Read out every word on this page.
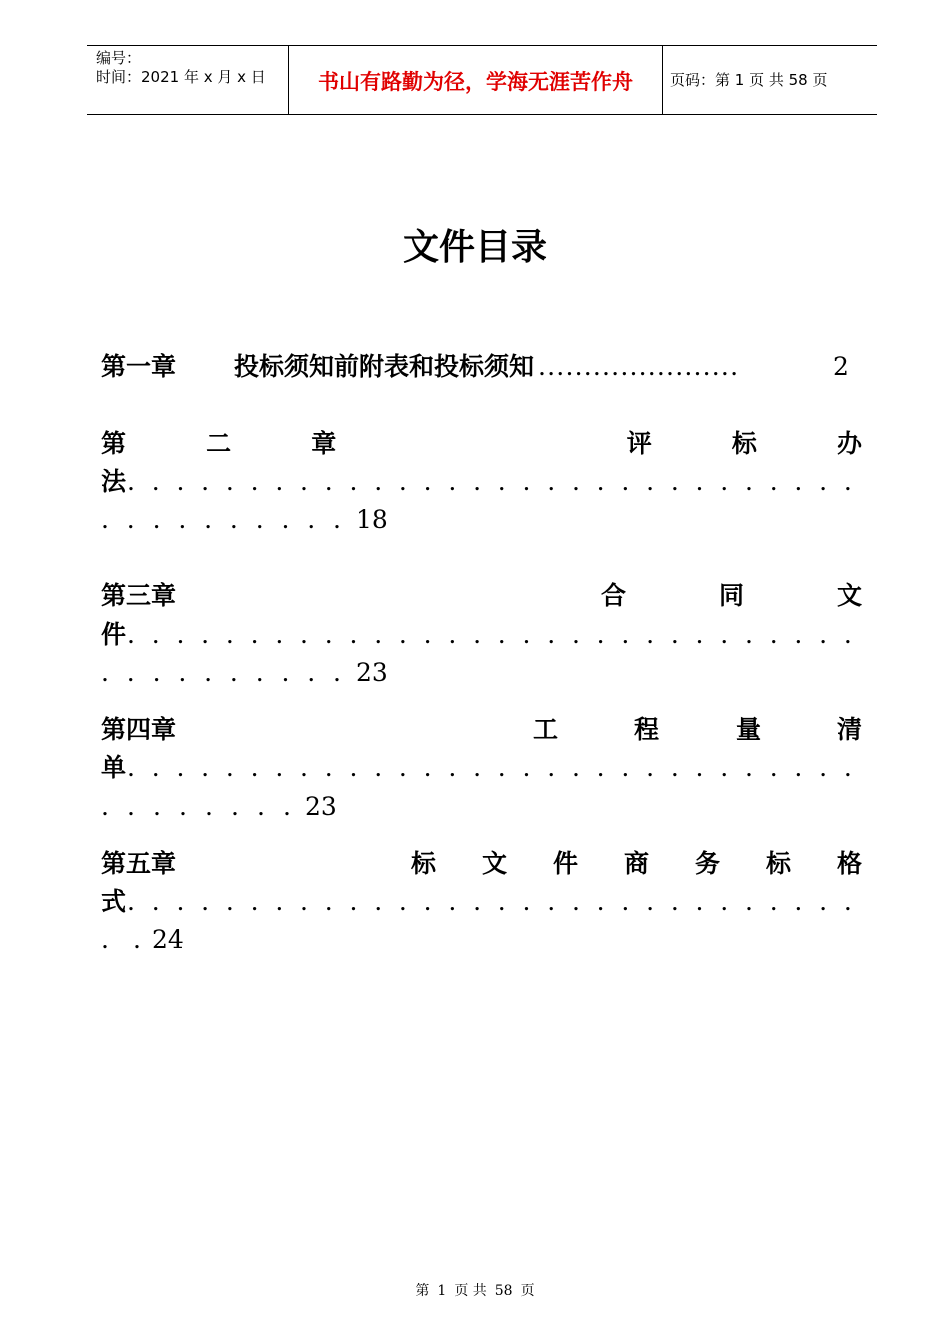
编号：
时间：2021 年 x 月 x 日	书山有路勤为径，学海无涯苦作舟	页码：第 1 页 共 58 页
文件目录
第一章 投标须知前附表和投标须知 ......................	2
第	二	章	评	标	办
法 . . . . . . . . . . . . . . . . . . . . . . . . . . . . . .
. . . . . . . . . . 18
第三章	合	同	文
件 . . . . . . . . . . . . . . . . . . . . . . . . . . . . . .
. . . . . . . . . . 23
第四章	工	程	量	清
单 . . . . . . . . . . . . . . . . . . . . . . . . . . . . . .
. . . . . . . . 23
第五章	标 文 件 商 务 标 格
式 . . . . . . . . . . . . . . . . . . . . . . . . . . . . . .
. . 24
第 1 页 共 58 页
